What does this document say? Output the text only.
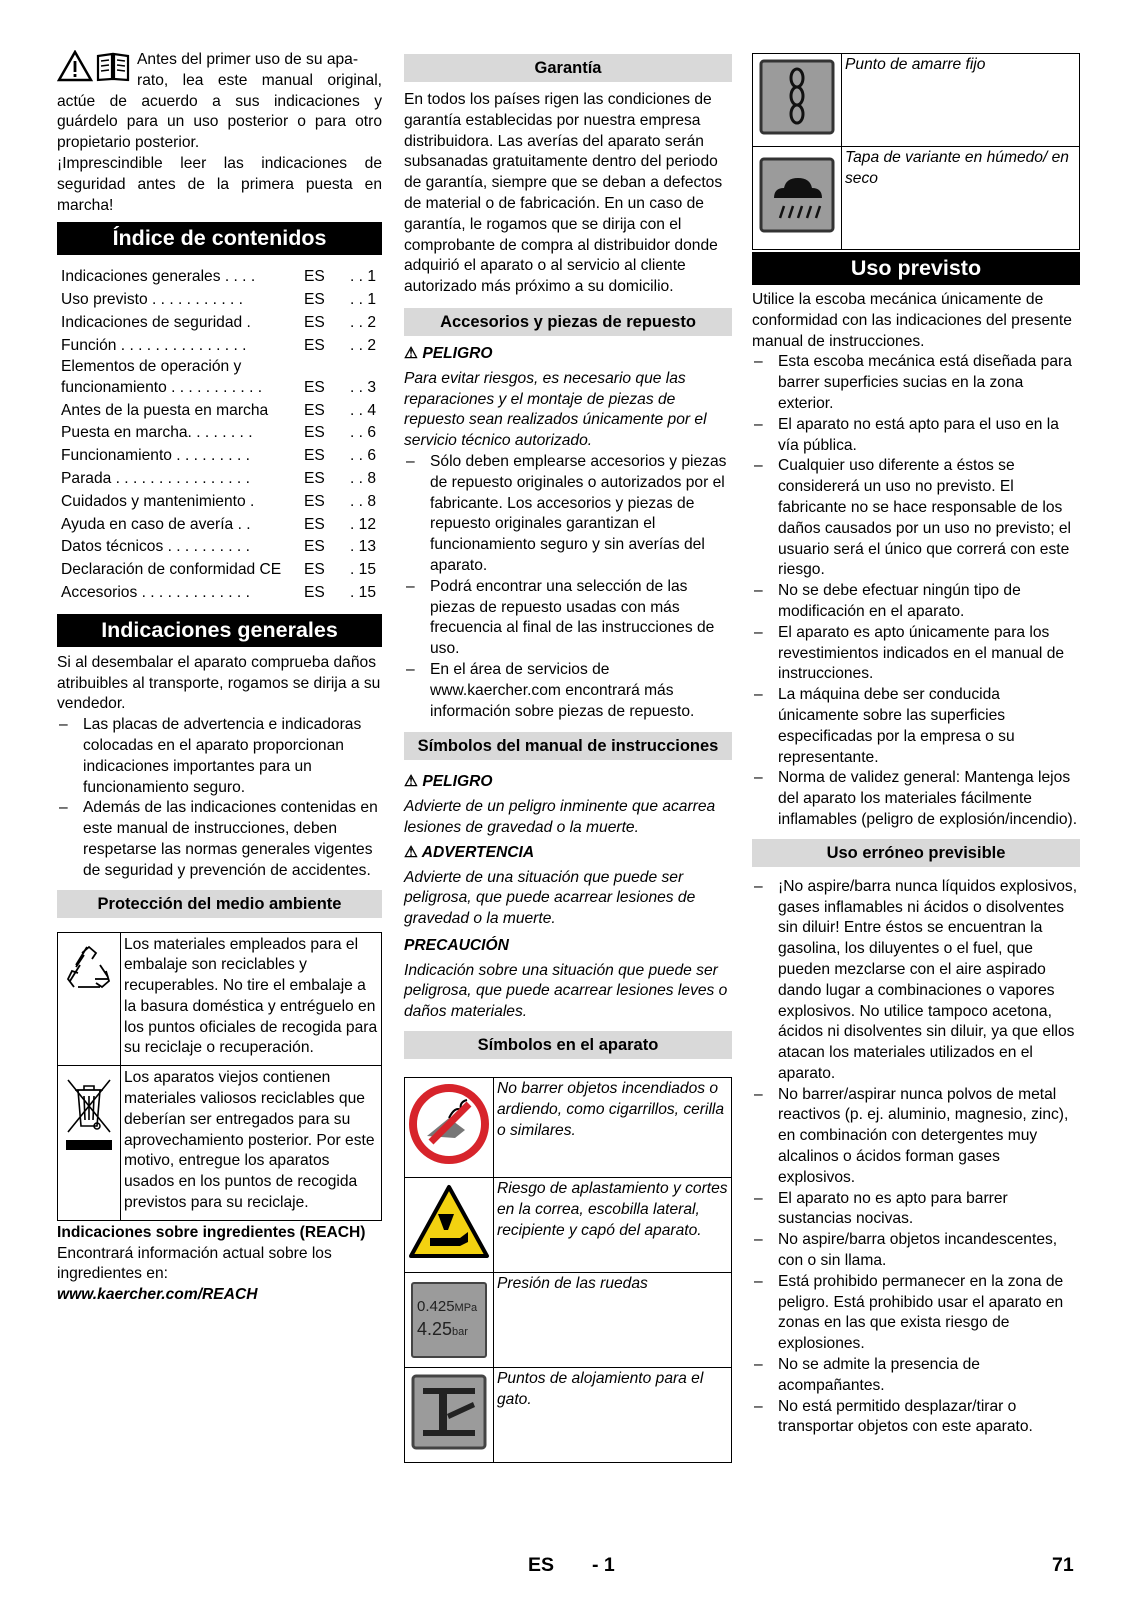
Antes del primer uso de su apa-

rato, lea este manual original, actúe de acuerdo a sus indicaciones y guárdelo para un uso posterior o para otro propietario posterior.

¡Imprescindible leer las indicaciones de seguridad antes de la primera puesta en marcha!

Índice de contenidos
Indicaciones generales . . . .	ES	. . 1
Uso previsto . . . . . . . . . . .	ES	. . 1
Indicaciones de seguridad .	ES	. . 2
Función . . . . . . . . . . . . . . .	ES	. . 2
Elementos de operación y funcionamiento . . . . . . . . . . .	ES	. . 3
Antes de la puesta en marcha	ES	. . 4
Puesta en marcha. . . . . . . .	ES	. . 6
Funcionamiento . . . . . . . . .	ES	. . 6
Parada . . . . . . . . . . . . . . . .	ES	. . 8
Cuidados y mantenimiento .	ES	. . 8
Ayuda en caso de avería . .	ES	. 12
Datos técnicos . . . . . . . . . .	ES	. 13
Declaración de conformidad CE	ES	. 15
Accesorios . . . . . . . . . . . . .	ES	. 15
Indicaciones generales

Si al desembalar el aparato comprueba daños atribuibles al transporte, rogamos se dirija a su vendedor.

– Las placas de advertencia e indicadoras colocadas en el aparato proporcionan indicaciones importantes para un funcionamiento seguro.
– Además de las indicaciones contenidas en este manual de instrucciones, deben respetarse las normas generales vigentes de seguridad y prevención de accidentes.
Protección del medio ambiente
	Los materiales empleados para el embalaje son reciclables y recuperables. No tire el embalaje a la basura doméstica y entréguelo en los puntos oficiales de recogida para su reciclaje o recuperación.
	Los aparatos viejos contienen materiales valiosos reciclables que deberían ser entregados para su aprovechamiento posterior. Por este motivo, entregue los aparatos usados en los puntos de recogida previstos para su reciclaje.

Indicaciones sobre ingredientes (REACH)

Encontrará información actual sobre los ingredientes en:

www.kaercher.com/REACH

Garantía

En todos los países rigen las condiciones de garantía establecidas por nuestra empresa distribuidora. Las averías del aparato serán subsanadas gratuitamente dentro del periodo de garantía, siempre que se deban a defectos de material o de fabricación. En un caso de garantía, le rogamos que se dirija con el comprobante de compra al distribuidor donde adquirió el aparato o al servicio al cliente autorizado más próximo a su domicilio.

Accesorios y piezas de repuesto

⚠ PELIGRO

Para evitar riesgos, es necesario que las reparaciones y el montaje de piezas de repuesto sean realizados únicamente por el servicio técnico autorizado.

– Sólo deben emplearse accesorios y piezas de repuesto originales o autorizados por el fabricante. Los accesorios y piezas de repuesto originales garantizan el funcionamiento seguro y sin averías del aparato.
– Podrá encontrar una selección de las piezas de repuesto usadas con más frecuencia al final de las instrucciones de uso.
– En el área de servicios de www.kaercher.com encontrará más información sobre piezas de repuesto.
Símbolos del manual de instrucciones

⚠ PELIGRO

Advierte de un peligro inminente que acarrea lesiones de gravedad o la muerte.

⚠ ADVERTENCIA

Advierte de una situación que puede ser peligrosa, que puede acarrear lesiones de gravedad o la muerte.

PRECAUCIÓN

Indicación sobre una situación que puede ser peligrosa, que puede acarrear lesiones leves o daños materiales.

Símbolos en el aparato
	No barrer objetos incendiados o ardiendo, como cigarrillos, cerilla o similares.
	Riesgo de aplastamiento y cortes en la correa, escobilla lateral, recipiente y capó del aparato.

0.425MPa
4.25bar	Presión de las ruedas
	Puntos de alojamiento para el gato.
	Punto de amarre fijo
	Tapa de variante en húmedo/ en seco
Uso previsto

Utilice la escoba mecánica únicamente de conformidad con las indicaciones del presente manual de instrucciones.

– Esta escoba mecánica está diseñada para barrer superficies sucias en la zona exterior.
– El aparato no está apto para el uso en la vía pública.
– Cualquier uso diferente a éstos se considererá un uso no previsto. El fabricante no se hace responsable de los daños causados por un uso no previsto; el usuario será el único que correrá con este riesgo.
– No se debe efectuar ningún tipo de modificación en el aparato.
– El aparato es apto únicamente para los revestimientos indicados en el manual de instrucciones.
– La máquina debe ser conducida únicamente sobre las superficies especificadas por la empresa o su representante.
– Norma de validez general: Mantenga lejos del aparato los materiales fácilmente inflamables (peligro de explosión/incendio).
Uso erróneo previsible
– ¡No aspire/barra nunca líquidos explosivos, gases inflamables ni ácidos o disolventes sin diluir! Entre éstos se encuentran la gasolina, los diluyentes o el fuel, que pueden mezclarse con el aire aspirado dando lugar a combinaciones o vapores explosivos. No utilice tampoco acetona, ácidos ni disolventes sin diluir, ya que ellos atacan los materiales utilizados en el aparato.
– No barrer/aspirar nunca polvos de metal reactivos (p. ej. aluminio, magnesio, zinc), en combinación con detergentes muy alcalinos o ácidos forman gases explosivos.
– El aparato no es apto para barrer sustancias nocivas.
– No aspire/barra objetos incandescentes, con o sin llama.
– Está prohibido permanecer en la zona de peligro. Está prohibido usar el aparato en zonas en las que exista riesgo de explosiones.
– No se admite la presencia de acompañantes.
– No está permitido desplazar/tirar o transportar objetos con este aparato.
ES - 1	71
